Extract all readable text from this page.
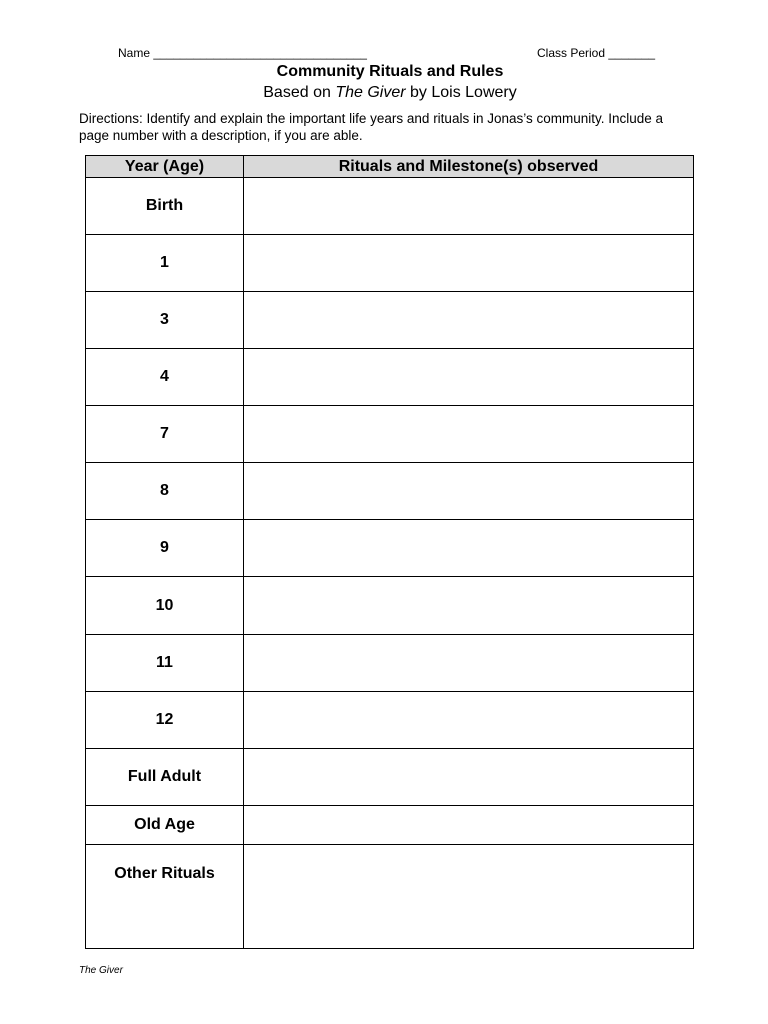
Name ________________________________	Class Period _______
Community Rituals and Rules
Based on The Giver by Lois Lowery
Directions: Identify and explain the important life years and rituals in Jonas’s community. Include a page number with a description, if you are able.
Year (Age)	Rituals and Milestone(s) observed
Birth	
1	
3	
4	
7	
8	
9	
10	
11	
12	
Full Adult	
Old Age	
Other Rituals	
The Giver
